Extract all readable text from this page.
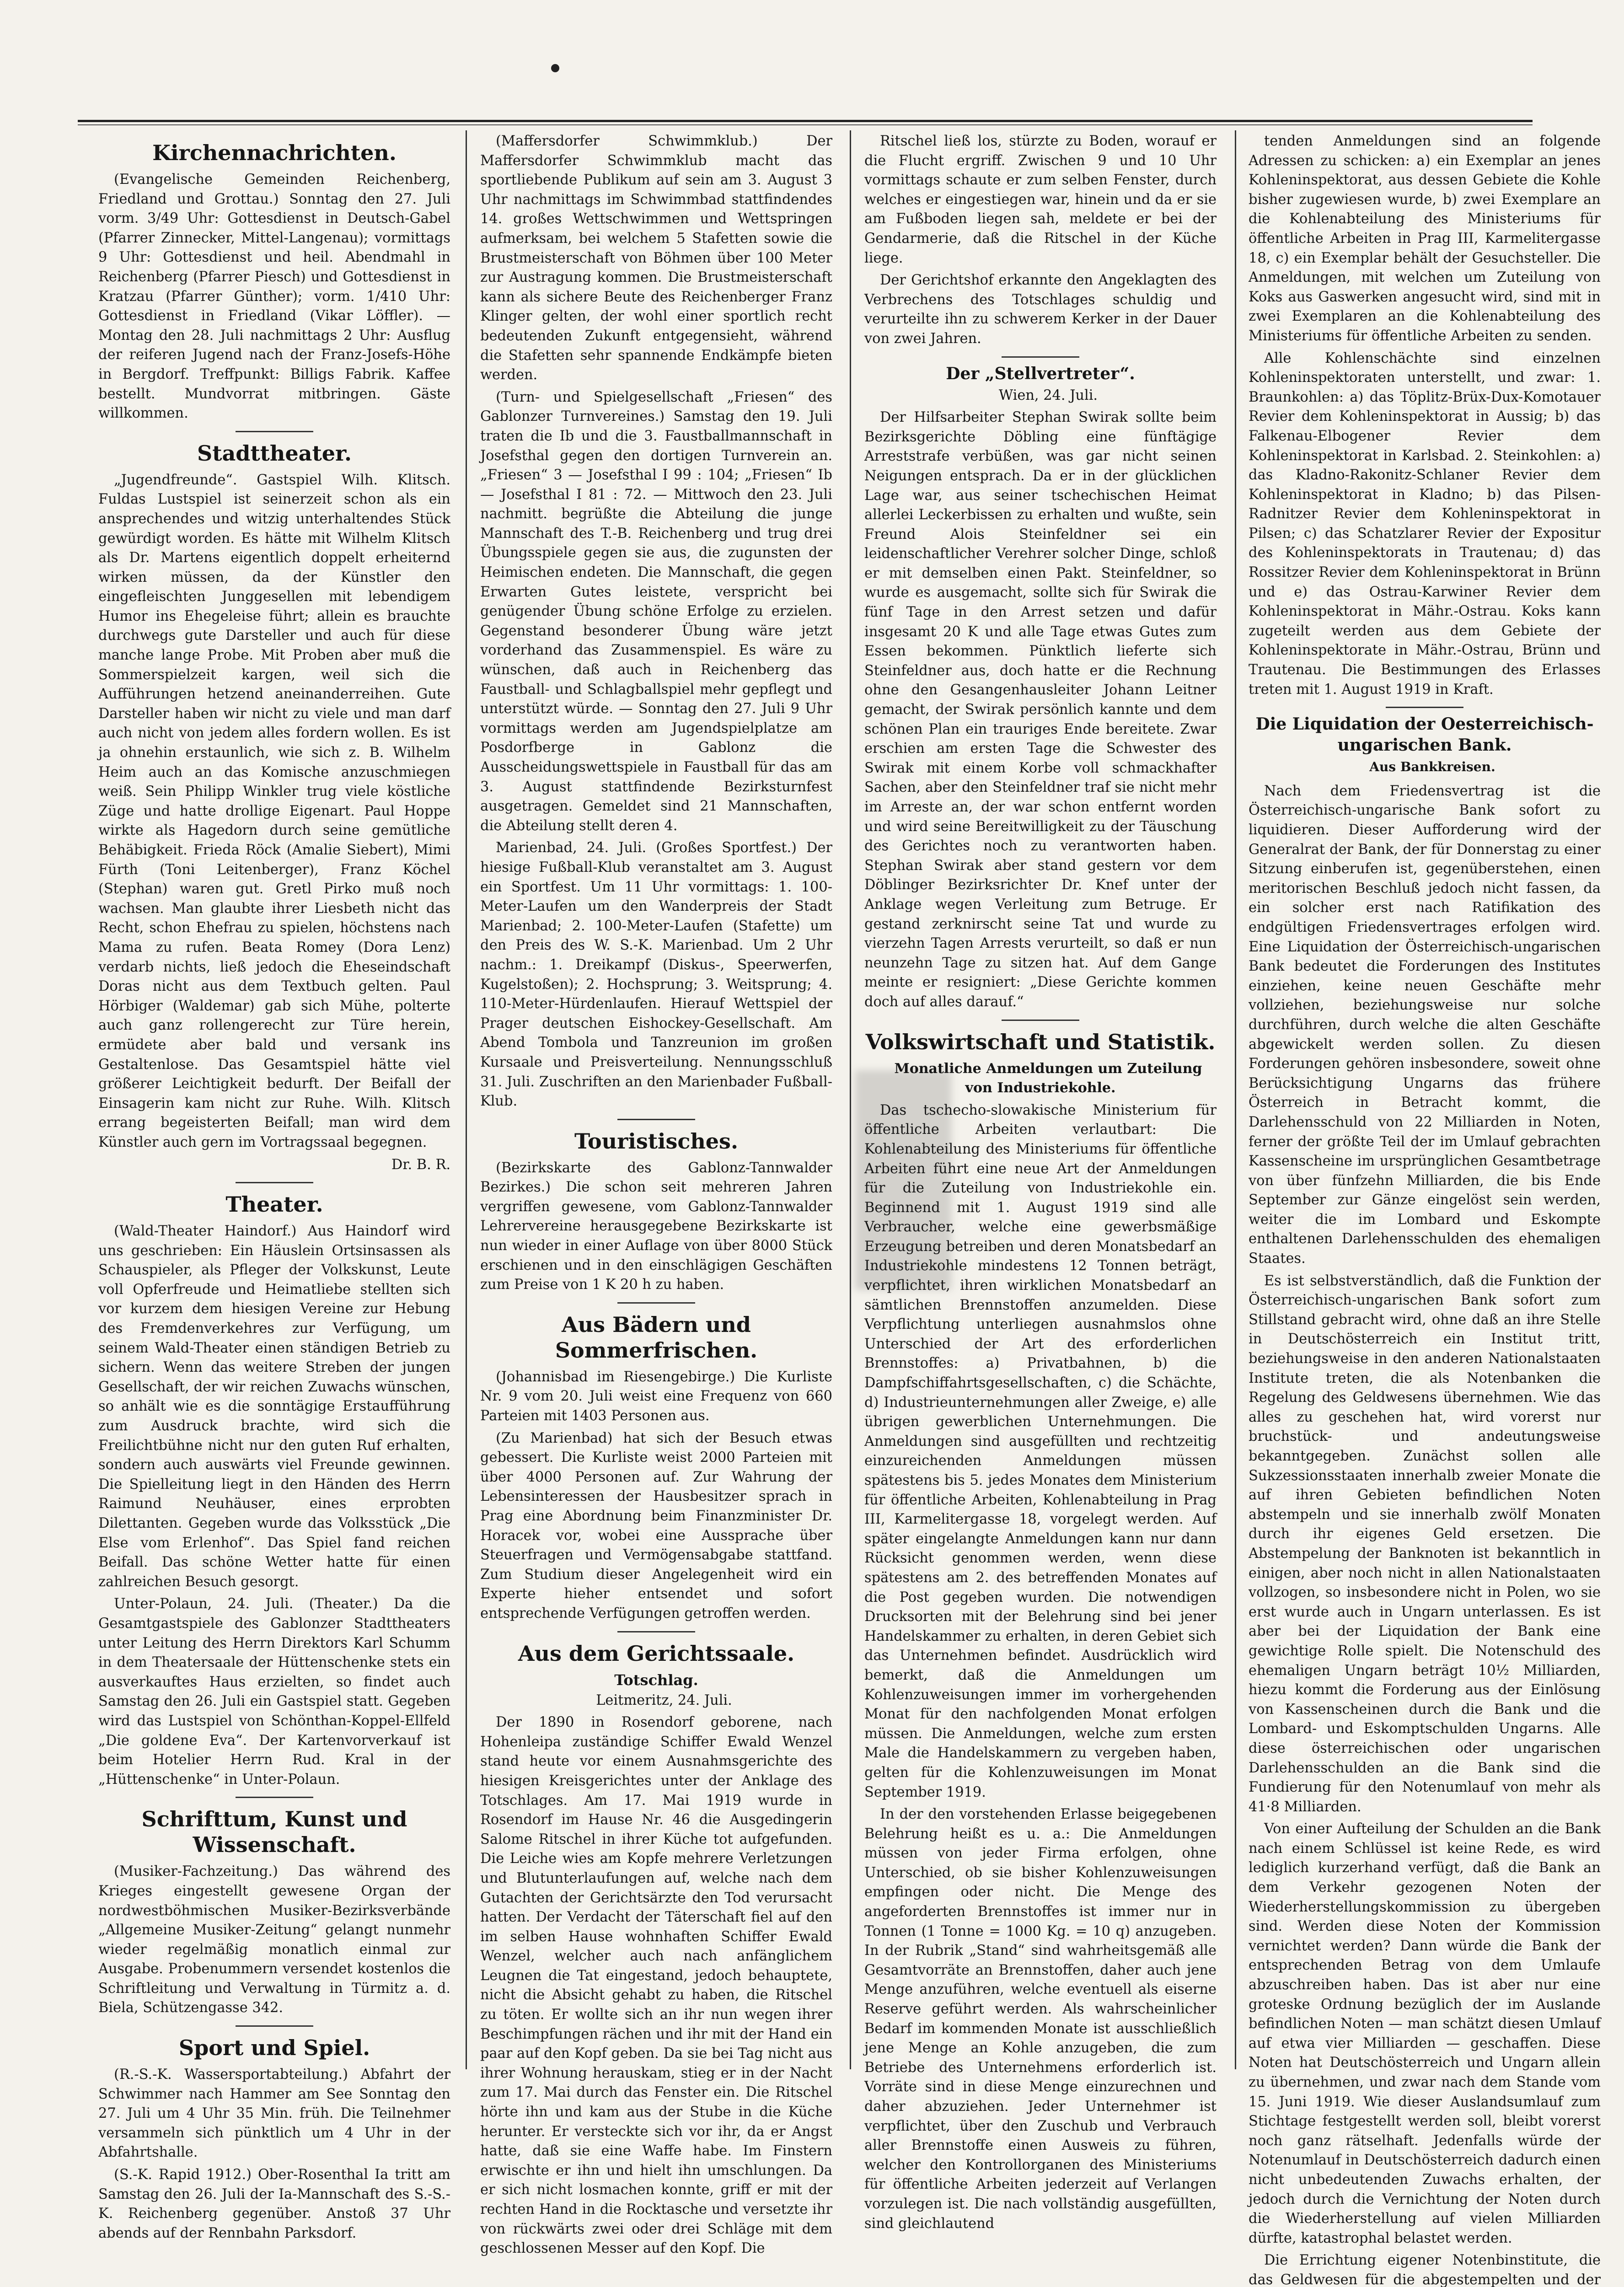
Kirchennachrichten.

(Evangelische Gemeinden Reichenberg, Friedland und Grottau.) Sonntag den 27. Juli vorm. 3/49 Uhr: Gottesdienst in Deutsch-Gabel (Pfarrer Zinnecker, Mittel-Langenau); vormittags 9 Uhr: Gottesdienst und heil. Abendmahl in Reichenberg (Pfarrer Piesch) und Gottesdienst in Kratzau (Pfarrer Günther); vorm. 1/410 Uhr: Gottesdienst in Friedland (Vikar Löffler). — Montag den 28. Juli nachmittags 2 Uhr: Ausflug der reiferen Jugend nach der Franz-Josefs-Höhe in Bergdorf. Treffpunkt: Billigs Fabrik. Kaffee bestellt. Mundvorrat mitbringen. Gäste willkommen.

Stadttheater.

„Jugendfreunde“. Gastspiel Wilh. Klitsch. Fuldas Lustspiel ist seinerzeit schon als ein ansprechendes und witzig unterhaltendes Stück gewürdigt worden. Es hätte mit Wilhelm Klitsch als Dr. Martens eigentlich doppelt erheiternd wirken müssen, da der Künstler den eingefleischten Junggesellen mit lebendigem Humor ins Ehegeleise führt; allein es brauchte durchwegs gute Darsteller und auch für diese manche lange Probe. Mit Proben aber muß die Sommerspielzeit kargen, weil sich die Aufführungen hetzend aneinanderreihen. Gute Darsteller haben wir nicht zu viele und man darf auch nicht von jedem alles fordern wollen. Es ist ja ohnehin erstaunlich, wie sich z. B. Wilhelm Heim auch an das Komische anzuschmiegen weiß. Sein Philipp Winkler trug viele köstliche Züge und hatte drollige Eigenart. Paul Hoppe wirkte als Hagedorn durch seine gemütliche Behäbigkeit. Frieda Röck (Amalie Siebert), Mimi Fürth (Toni Leitenberger), Franz Köchel (Stephan) waren gut. Gretl Pirko muß noch wachsen. Man glaubte ihrer Liesbeth nicht das Recht, schon Ehefrau zu spielen, höchstens nach Mama zu rufen. Beata Romey (Dora Lenz) verdarb nichts, ließ jedoch die Eheseindschaft Doras nicht aus dem Textbuch gelten. Paul Hörbiger (Waldemar) gab sich Mühe, polterte auch ganz rollengerecht zur Türe herein, ermüdete aber bald und versank ins Gestaltenlose. Das Gesamtspiel hätte viel größerer Leichtigkeit bedurft. Der Beifall der Einsagerin kam nicht zur Ruhe. Wilh. Klitsch errang begeisterten Beifall; man wird dem Künstler auch gern im Vortragssaal begegnen.

Dr. B. R.

Theater.

(Wald-Theater Haindorf.) Aus Haindorf wird uns geschrieben: Ein Häuslein Ortsinsassen als Schauspieler, als Pfleger der Volkskunst, Leute voll Opferfreude und Heimatliebe stellten sich vor kurzem dem hiesigen Vereine zur Hebung des Fremdenverkehres zur Verfügung, um seinem Wald-Theater einen ständigen Betrieb zu sichern. Wenn das weitere Streben der jungen Gesellschaft, der wir reichen Zuwachs wünschen, so anhält wie es die sonntägige Erstaufführung zum Ausdruck brachte, wird sich die Freilichtbühne nicht nur den guten Ruf erhalten, sondern auch auswärts viel Freunde gewinnen. Die Spielleitung liegt in den Händen des Herrn Raimund Neuhäuser, eines erprobten Dilettanten. Gegeben wurde das Volksstück „Die Else vom Erlenhof“. Das Spiel fand reichen Beifall. Das schöne Wetter hatte für einen zahlreichen Besuch gesorgt.

Unter-Polaun, 24. Juli. (Theater.) Da die Gesamtgastspiele des Gablonzer Stadttheaters unter Leitung des Herrn Direktors Karl Schumm in dem Theatersaale der Hüttenschenke stets ein ausverkauftes Haus erzielten, so findet auch Samstag den 26. Juli ein Gastspiel statt. Gegeben wird das Lustspiel von Schönthan-Koppel-Ellfeld „Die goldene Eva“. Der Kartenvorverkauf ist beim Hotelier Herrn Rud. Kral in der „Hüttenschenke“ in Unter-Polaun.

Schrifttum, Kunst und Wissenschaft.

(Musiker-Fachzeitung.) Das während des Krieges eingestellt gewesene Organ der nordwestböhmischen Musiker-Bezirksverbände „Allgemeine Musiker-Zeitung“ gelangt nunmehr wieder regelmäßig monatlich einmal zur Ausgabe. Probenummern versendet kostenlos die Schriftleitung und Verwaltung in Türmitz a. d. Biela, Schützengasse 342.

Sport und Spiel.

(R.-S.-K. Wassersportabteilung.) Abfahrt der Schwimmer nach Hammer am See Sonntag den 27. Juli um 4 Uhr 35 Min. früh. Die Teilnehmer versammeln sich pünktlich um 4 Uhr in der Abfahrtshalle.

(S.-K. Rapid 1912.) Ober-Rosenthal Ia tritt am Samstag den 26. Juli der Ia-Mannschaft des S.-S.-K. Reichenberg gegenüber. Anstoß 37 Uhr abends auf der Rennbahn Parksdorf.

(Maffersdorfer Schwimmklub.) Der Maffersdorfer Schwimmklub macht das sportliebende Publikum auf sein am 3. August 3 Uhr nachmittags im Schwimmbad stattfindendes 14. großes Wettschwimmen und Wettspringen aufmerksam, bei welchem 5 Stafetten sowie die Brustmeisterschaft von Böhmen über 100 Meter zur Austragung kommen. Die Brustmeisterschaft kann als sichere Beute des Reichenberger Franz Klinger gelten, der wohl einer sportlich recht bedeutenden Zukunft entgegensieht, während die Stafetten sehr spannende Endkämpfe bieten werden.

(Turn- und Spielgesellschaft „Friesen“ des Gablonzer Turnvereines.) Samstag den 19. Juli traten die Ib und die 3. Faustballmannschaft in Josefsthal gegen den dortigen Turnverein an. „Friesen“ 3 — Josefsthal I 99 : 104; „Friesen“ Ib — Josefsthal I 81 : 72. — Mittwoch den 23. Juli nachmitt. begrüßte die Abteilung die junge Mannschaft des T.-B. Reichenberg und trug drei Übungsspiele gegen sie aus, die zugunsten der Heimischen endeten. Die Mannschaft, die gegen Erwarten Gutes leistete, verspricht bei genügender Übung schöne Erfolge zu erzielen. Gegenstand besonderer Übung wäre jetzt vorderhand das Zusammenspiel. Es wäre zu wünschen, daß auch in Reichenberg das Faustball- und Schlagballspiel mehr gepflegt und unterstützt würde. — Sonntag den 27. Juli 9 Uhr vormittags werden am Jugendspielplatze am Posdorfberge in Gablonz die Ausscheidungswettspiele in Faustball für das am 3. August stattfindende Bezirksturnfest ausgetragen. Gemeldet sind 21 Mannschaften, die Abteilung stellt deren 4.

Marienbad, 24. Juli. (Großes Sportfest.) Der hiesige Fußball-Klub veranstaltet am 3. August ein Sportfest. Um 11 Uhr vormittags: 1. 100-Meter-Laufen um den Wanderpreis der Stadt Marienbad; 2. 100-Meter-Laufen (Stafette) um den Preis des W. S.-K. Marienbad. Um 2 Uhr nachm.: 1. Dreikampf (Diskus-, Speerwerfen, Kugelstoßen); 2. Hochsprung; 3. Weitsprung; 4. 110-Meter-Hürdenlaufen. Hierauf Wettspiel der Prager deutschen Eishockey-Gesellschaft. Am Abend Tombola und Tanzreunion im großen Kursaale und Preisverteilung. Nennungsschluß 31. Juli. Zuschriften an den Marienbader Fußball-Klub.

Touristisches.

(Bezirkskarte des Gablonz-Tannwalder Bezirkes.) Die schon seit mehreren Jahren vergriffen gewesene, vom Gablonz-Tannwalder Lehrervereine herausgegebene Bezirkskarte ist nun wieder in einer Auflage von über 8000 Stück erschienen und in den einschlägigen Geschäften zum Preise von 1 K 20 h zu haben.

Aus Bädern und Sommerfrischen.

(Johannisbad im Riesengebirge.) Die Kurliste Nr. 9 vom 20. Juli weist eine Frequenz von 660 Parteien mit 1403 Personen aus.

(Zu Marienbad) hat sich der Besuch etwas gebessert. Die Kurliste weist 2000 Parteien mit über 4000 Personen auf. Zur Wahrung der Lebensinteressen der Hausbesitzer sprach in Prag eine Abordnung beim Finanzminister Dr. Horacek vor, wobei eine Aussprache über Steuerfragen und Vermögensabgabe stattfand. Zum Studium dieser Angelegenheit wird ein Experte hieher entsendet und sofort entsprechende Verfügungen getroffen werden.

Aus dem Gerichtssaale.
Totschlag.

Leitmeritz, 24. Juli.

Der 1890 in Rosendorf geborene, nach Hohenleipa zuständige Schiffer Ewald Wenzel stand heute vor einem Ausnahmsgerichte des hiesigen Kreisgerichtes unter der Anklage des Totschlages. Am 17. Mai 1919 wurde in Rosendorf im Hause Nr. 46 die Ausgedingerin Salome Ritschel in ihrer Küche tot aufgefunden. Die Leiche wies am Kopfe mehrere Verletzungen und Blutunterlaufungen auf, welche nach dem Gutachten der Gerichtsärzte den Tod verursacht hatten. Der Verdacht der Täterschaft fiel auf den im selben Hause wohnhaften Schiffer Ewald Wenzel, welcher auch nach anfänglichem Leugnen die Tat eingestand, jedoch behauptete, nicht die Absicht gehabt zu haben, die Ritschel zu töten. Er wollte sich an ihr nun wegen ihrer Beschimpfungen rächen und ihr mit der Hand ein paar auf den Kopf geben. Da sie bei Tag nicht aus ihrer Wohnung herauskam, stieg er in der Nacht zum 17. Mai durch das Fenster ein. Die Ritschel hörte ihn und kam aus der Stube in die Küche herunter. Er versteckte sich vor ihr, da er Angst hatte, daß sie eine Waffe habe. Im Finstern erwischte er ihn und hielt ihn umschlungen. Da er sich nicht losmachen konnte, griff er mit der rechten Hand in die Rocktasche und versetzte ihr von rückwärts zwei oder drei Schläge mit dem geschlossenen Messer auf den Kopf. Die

Ritschel ließ los, stürzte zu Boden, worauf er die Flucht ergriff. Zwischen 9 und 10 Uhr vormittags schaute er zum selben Fenster, durch welches er eingestiegen war, hinein und da er sie am Fußboden liegen sah, meldete er bei der Gendarmerie, daß die Ritschel in der Küche liege.

Der Gerichtshof erkannte den Angeklagten des Verbrechens des Totschlages schuldig und verurteilte ihn zu schwerem Kerker in der Dauer von zwei Jahren.

Der „Stellvertreter“.

Wien, 24. Juli.

Der Hilfsarbeiter Stephan Swirak sollte beim Bezirksgerichte Döbling eine fünftägige Arreststrafe verbüßen, was gar nicht seinen Neigungen entsprach. Da er in der glücklichen Lage war, aus seiner tschechischen Heimat allerlei Leckerbissen zu erhalten und wußte, sein Freund Alois Steinfeldner sei ein leidenschaftlicher Verehrer solcher Dinge, schloß er mit demselben einen Pakt. Steinfeldner, so wurde es ausgemacht, sollte sich für Swirak die fünf Tage in den Arrest setzen und dafür insgesamt 20 K und alle Tage etwas Gutes zum Essen bekommen. Pünktlich lieferte sich Steinfeldner aus, doch hatte er die Rechnung ohne den Gesangenhausleiter Johann Leitner gemacht, der Swirak persönlich kannte und dem schönen Plan ein trauriges Ende bereitete. Zwar erschien am ersten Tage die Schwester des Swirak mit einem Korbe voll schmackhafter Sachen, aber den Steinfeldner traf sie nicht mehr im Arreste an, der war schon entfernt worden und wird seine Bereitwilligkeit zu der Täuschung des Gerichtes noch zu verantworten haben. Stephan Swirak aber stand gestern vor dem Döblinger Bezirksrichter Dr. Knef unter der Anklage wegen Verleitung zum Betruge. Er gestand zerknirscht seine Tat und wurde zu vierzehn Tagen Arrests verurteilt, so daß er nun neunzehn Tage zu sitzen hat. Auf dem Gange meinte er resigniert: „Diese Gerichte kommen doch auf alles darauf.“

Volkswirtschaft und Statistik.

Monatliche Anmeldungen um Zuteilung von Industriekohle.

Das tschecho-slowakische Ministerium für öffentliche Arbeiten verlautbart: Die Kohlenabteilung des Ministeriums für öffentliche Arbeiten führt eine neue Art der Anmeldungen für die Zuteilung von Industriekohle ein. Beginnend mit 1. August 1919 sind alle Verbraucher, welche eine gewerbsmäßige Erzeugung betreiben und deren Monatsbedarf an Industriekohle mindestens 12 Tonnen beträgt, verpflichtet, ihren wirklichen Monatsbedarf an sämtlichen Brennstoffen anzumelden. Diese Verpflichtung unterliegen ausnahmslos ohne Unterschied der Art des erforderlichen Brennstoffes: a) Privatbahnen, b) die Dampfschiffahrtsgesellschaften, c) die Schächte, d) Industrieunternehmungen aller Zweige, e) alle übrigen gewerblichen Unternehmungen. Die Anmeldungen sind ausgefüllten und rechtzeitig einzureichenden Anmeldungen müssen spätestens bis 5. jedes Monates dem Ministerium für öffentliche Arbeiten, Kohlenabteilung in Prag III, Karmelitergasse 18, vorgelegt werden. Auf später eingelangte Anmeldungen kann nur dann Rücksicht genommen werden, wenn diese spätestens am 2. des betreffenden Monates auf die Post gegeben wurden. Die notwendigen Drucksorten mit der Belehrung sind bei jener Handelskammer zu erhalten, in deren Gebiet sich das Unternehmen befindet. Ausdrücklich wird bemerkt, daß die Anmeldungen um Kohlenzuweisungen immer im vorhergehenden Monat für den nachfolgenden Monat erfolgen müssen. Die Anmeldungen, welche zum ersten Male die Handelskammern zu vergeben haben, gelten für die Kohlenzuweisungen im Monat September 1919.

In der den vorstehenden Erlasse beigegebenen Belehrung heißt es u. a.: Die Anmeldungen müssen von jeder Firma erfolgen, ohne Unterschied, ob sie bisher Kohlenzuweisungen empfingen oder nicht. Die Menge des angeforderten Brennstoffes ist immer nur in Tonnen (1 Tonne = 1000 Kg. = 10 q) anzugeben. In der Rubrik „Stand“ sind wahrheitsgemäß alle Gesamtvorräte an Brennstoffen, daher auch jene Menge anzuführen, welche eventuell als eiserne Reserve geführt werden. Als wahrscheinlicher Bedarf im kommenden Monate ist ausschließlich jene Menge an Kohle anzugeben, die zum Betriebe des Unternehmens erforderlich ist. Vorräte sind in diese Menge einzurechnen und daher abzuziehen. Jeder Unternehmer ist verpflichtet, über den Zuschub und Verbrauch aller Brennstoffe einen Ausweis zu führen, welcher den Kontrollorganen des Ministeriums für öffentliche Arbeiten jederzeit auf Verlangen vorzulegen ist. Die nach vollständig ausgefüllten, sind gleichlautend

tenden Anmeldungen sind an folgende Adressen zu schicken: a) ein Exemplar an jenes Kohleninspektorat, aus dessen Gebiete die Kohle bisher zugewiesen wurde, b) zwei Exemplare an die Kohlenabteilung des Ministeriums für öffentliche Arbeiten in Prag III, Karmelitergasse 18, c) ein Exemplar behält der Gesuchsteller. Die Anmeldungen, mit welchen um Zuteilung von Koks aus Gaswerken angesucht wird, sind mit in zwei Exemplaren an die Kohlenabteilung des Ministeriums für öffentliche Arbeiten zu senden.

Alle Kohlenschächte sind einzelnen Kohleninspektoraten unterstellt, und zwar: 1. Braunkohlen: a) das Töplitz-Brüx-Dux-Komotauer Revier dem Kohleninspektorat in Aussig; b) das Falkenau-Elbogener Revier dem Kohleninspektorat in Karlsbad. 2. Steinkohlen: a) das Kladno-Rakonitz-Schlaner Revier dem Kohleninspektorat in Kladno; b) das Pilsen-Radnitzer Revier dem Kohleninspektorat in Pilsen; c) das Schatzlarer Revier der Expositur des Kohleninspektorats in Trautenau; d) das Rossitzer Revier dem Kohleninspektorat in Brünn und e) das Ostrau-Karwiner Revier dem Kohleninspektorat in Mähr.-Ostrau. Koks kann zugeteilt werden aus dem Gebiete der Kohleninspektorate in Mähr.-Ostrau, Brünn und Trautenau. Die Bestimmungen des Erlasses treten mit 1. August 1919 in Kraft.

Die Liquidation der Oesterreichisch-ungarischen Bank.

Aus Bankkreisen.

Nach dem Friedensvertrag ist die Österreichisch-ungarische Bank sofort zu liquidieren. Dieser Aufforderung wird der Generalrat der Bank, der für Donnerstag zu einer Sitzung einberufen ist, gegenüberstehen, einen meritorischen Beschluß jedoch nicht fassen, da ein solcher erst nach Ratifikation des endgültigen Friedensvertrages erfolgen wird. Eine Liquidation der Österreichisch-ungarischen Bank bedeutet die Forderungen des Institutes einziehen, keine neuen Geschäfte mehr vollziehen, beziehungsweise nur solche durchführen, durch welche die alten Geschäfte abgewickelt werden sollen. Zu diesen Forderungen gehören insbesondere, soweit ohne Berücksichtigung Ungarns das frühere Österreich in Betracht kommt, die Darlehensschuld von 22 Milliarden in Noten, ferner der größte Teil der im Umlauf gebrachten Kassenscheine im ursprünglichen Gesamtbetrage von über fünfzehn Milliarden, die bis Ende September zur Gänze eingelöst sein werden, weiter die im Lombard und Eskompte enthaltenen Darlehensschulden des ehemaligen Staates.

Es ist selbstverständlich, daß die Funktion der Österreichisch-ungarischen Bank sofort zum Stillstand gebracht wird, ohne daß an ihre Stelle in Deutschösterreich ein Institut tritt, beziehungsweise in den anderen Nationalstaaten Institute treten, die als Notenbanken die Regelung des Geldwesens übernehmen. Wie das alles zu geschehen hat, wird vorerst nur bruchstück- und andeutungsweise bekanntgegeben. Zunächst sollen alle Sukzessionsstaaten innerhalb zweier Monate die auf ihren Gebieten befindlichen Noten abstempeln und sie innerhalb zwölf Monaten durch ihr eigenes Geld ersetzen. Die Abstempelung der Banknoten ist bekanntlich in einigen, aber noch nicht in allen Nationalstaaten vollzogen, so insbesondere nicht in Polen, wo sie erst wurde auch in Ungarn unterlassen. Es ist aber bei der Liquidation der Bank eine gewichtige Rolle spielt. Die Notenschuld des ehemaligen Ungarn beträgt 10½ Milliarden, hiezu kommt die Forderung aus der Einlösung von Kassenscheinen durch die Bank und die Lombard- und Eskomptschulden Ungarns. Alle diese österreichischen oder ungarischen Darlehensschulden an die Bank sind die Fundierung für den Notenumlauf von mehr als 41·8 Milliarden.

Von einer Aufteilung der Schulden an die Bank nach einem Schlüssel ist keine Rede, es wird lediglich kurzerhand verfügt, daß die Bank an dem Verkehr gezogenen Noten der Wiederherstellungskommission zu übergeben sind. Werden diese Noten der Kommission vernichtet werden? Dann würde die Bank der entsprechenden Betrag von dem Umlaufe abzuschreiben haben. Das ist aber nur eine groteske Ordnung bezüglich der im Auslande befindlichen Noten — man schätzt diesen Umlauf auf etwa vier Milliarden — geschaffen. Diese Noten hat Deutschösterreich und Ungarn allein zu übernehmen, und zwar nach dem Stande vom 15. Juni 1919. Wie dieser Auslandsumlauf zum Stichtage festgestellt werden soll, bleibt vorerst noch ganz rätselhaft. Jedenfalls würde der Notenumlauf in Deutschösterreich dadurch einen nicht unbedeutenden Zuwachs erhalten, der jedoch durch die Vernichtung der Noten durch die Wiederherstellung auf vielen Milliarden dürfte, katastrophal belastet werden.

Die Errichtung eigener Notenbinstitute, die das Geldwesen für die abgestempelten und der
